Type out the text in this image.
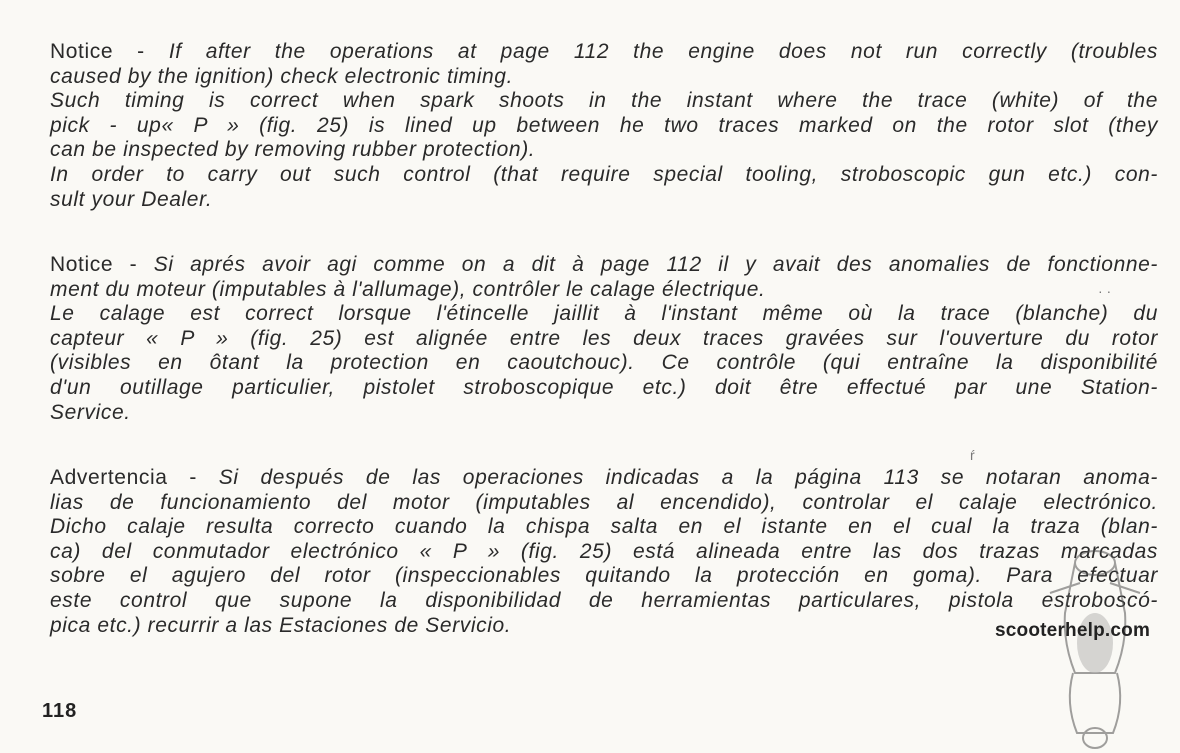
Notice - If after the operations at page 112 the engine does not run correctly (troubles
caused by the ignition) check electronic timing.
Such timing is correct when spark shoots in the instant where the trace (white) of the
pick - up« P » (fig. 25) is lined up between he two traces marked on the rotor slot (they
can be inspected by removing rubber protection).
In order to carry out such control (that require special tooling, stroboscopic gun etc.) con-
sult your Dealer.
Notice - Si aprés avoir agi comme on a dit à page 112 il y avait des anomalies de fonctionne-
ment du moteur (imputables à l'allumage), contrôler le calage électrique.
Le calage est correct lorsque l'étincelle jaillit à l'instant même où la trace (blanche) du
capteur « P » (fig. 25) est alignée entre les deux traces gravées sur l'ouverture du rotor
(visibles en ôtant la protection en caoutchouc). Ce contrôle (qui entraîne la disponibilité
d'un outillage particulier, pistolet stroboscopique etc.) doit être effectué par une Station-
Service.
Advertencia - Si después de las operaciones indicadas a la página 113 se notaran anoma-
lias de funcionamiento del motor (imputables al encendido), controlar el calaje electrónico.
Dicho calaje resulta correcto cuando la chispa salta en el istante en el cual la traza (blan-
ca) del conmutador electrónico « P » (fig. 25) está alineada entre las dos trazas marcadas
sobre el agujero del rotor (inspeccionables quitando la protección en goma). Para efectuar
este control que supone la disponibilidad de herramientas particulares, pistola estroboscó-
pica etc.) recurrir a las Estaciones de Servicio.
118
· ·
ŕ
scooterhelp.com
